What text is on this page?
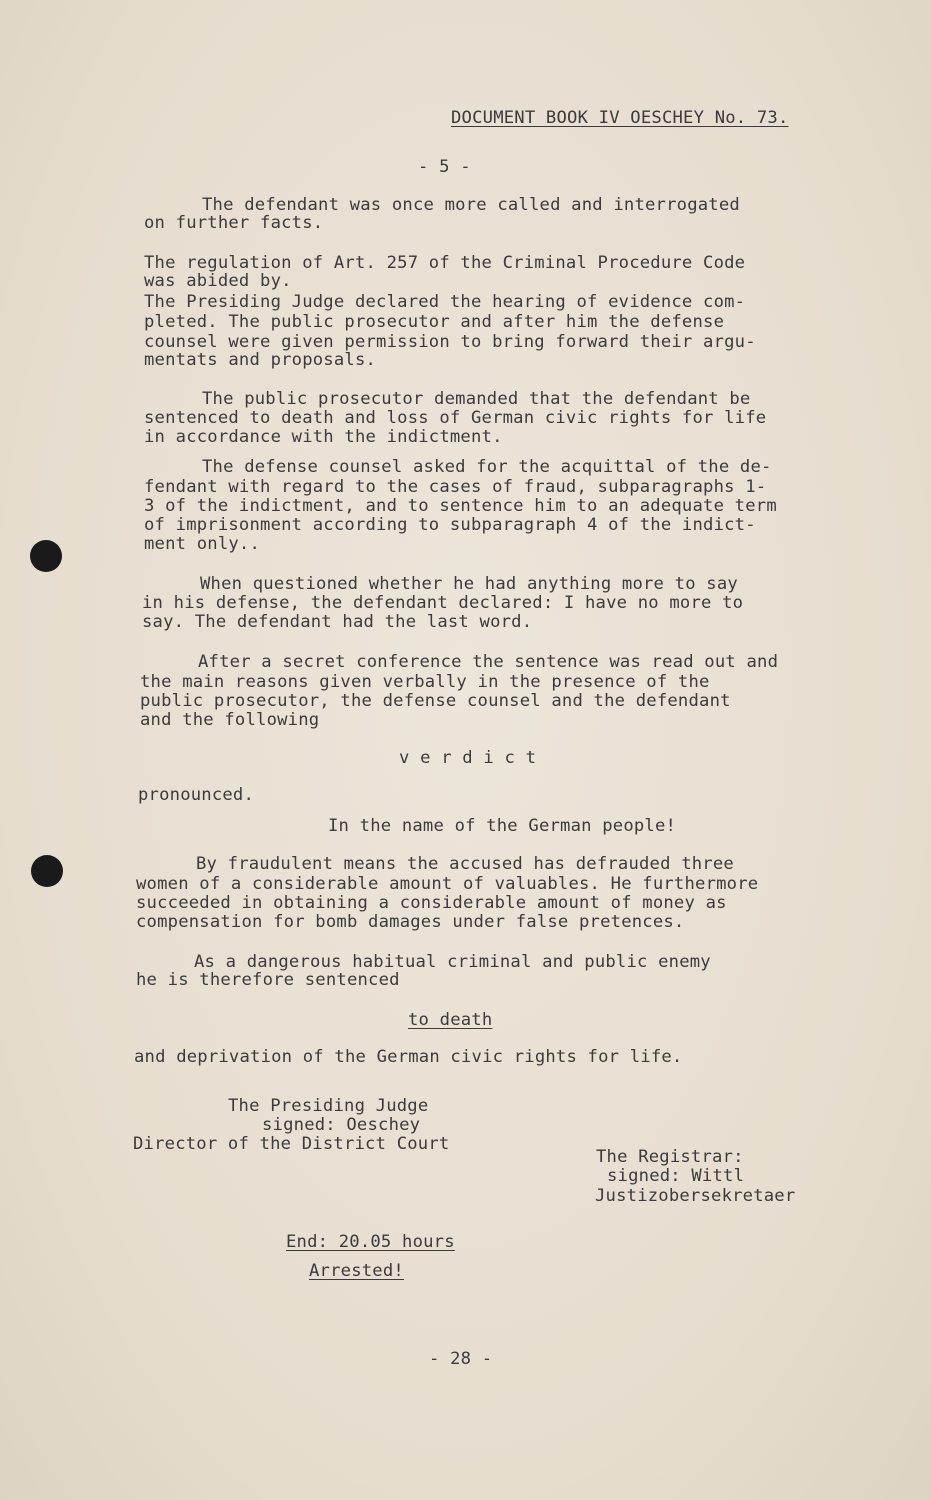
DOCUMENT BOOK IV OESCHEY No. 73.
- 5 -
The defendant was once more called and interrogated
on further facts.
The regulation of Art. 257 of the Criminal Procedure Code
was abided by.
The Presiding Judge declared the hearing of evidence com-
pleted. The public prosecutor and after him the defense
counsel were given permission to bring forward their argu-
mentats and proposals.
The public prosecutor demanded that the defendant be
sentenced to death and loss of German civic rights for life
in accordance with the indictment.
The defense counsel asked for the acquittal of the de-
fendant with regard to the cases of fraud, subparagraphs 1-
3 of the indictment, and to sentence him to an adequate term
of imprisonment according to subparagraph 4 of the indict-
ment only..
When questioned whether he had anything more to say
in his defense, the defendant declared: I have no more to
say. The defendant had the last word.
After a secret conference the sentence was read out and
the main reasons given verbally in the presence of the
public prosecutor, the defense counsel and the defendant
and the following
v e r d i c t
pronounced.
In the name of the German people!
By fraudulent means the accused has defrauded three
women of a considerable amount of valuables. He furthermore
succeeded in obtaining a considerable amount of money as
compensation for bomb damages under false pretences.
As a dangerous habitual criminal and public enemy
he is therefore sentenced
to death
and deprivation of the German civic rights for life.
The Presiding Judge
signed: Oeschey
Director of the District Court
The Registrar:
signed: Wittl
Justizobersekretaer
End: 20.05 hours
Arrested!
- 28 -
